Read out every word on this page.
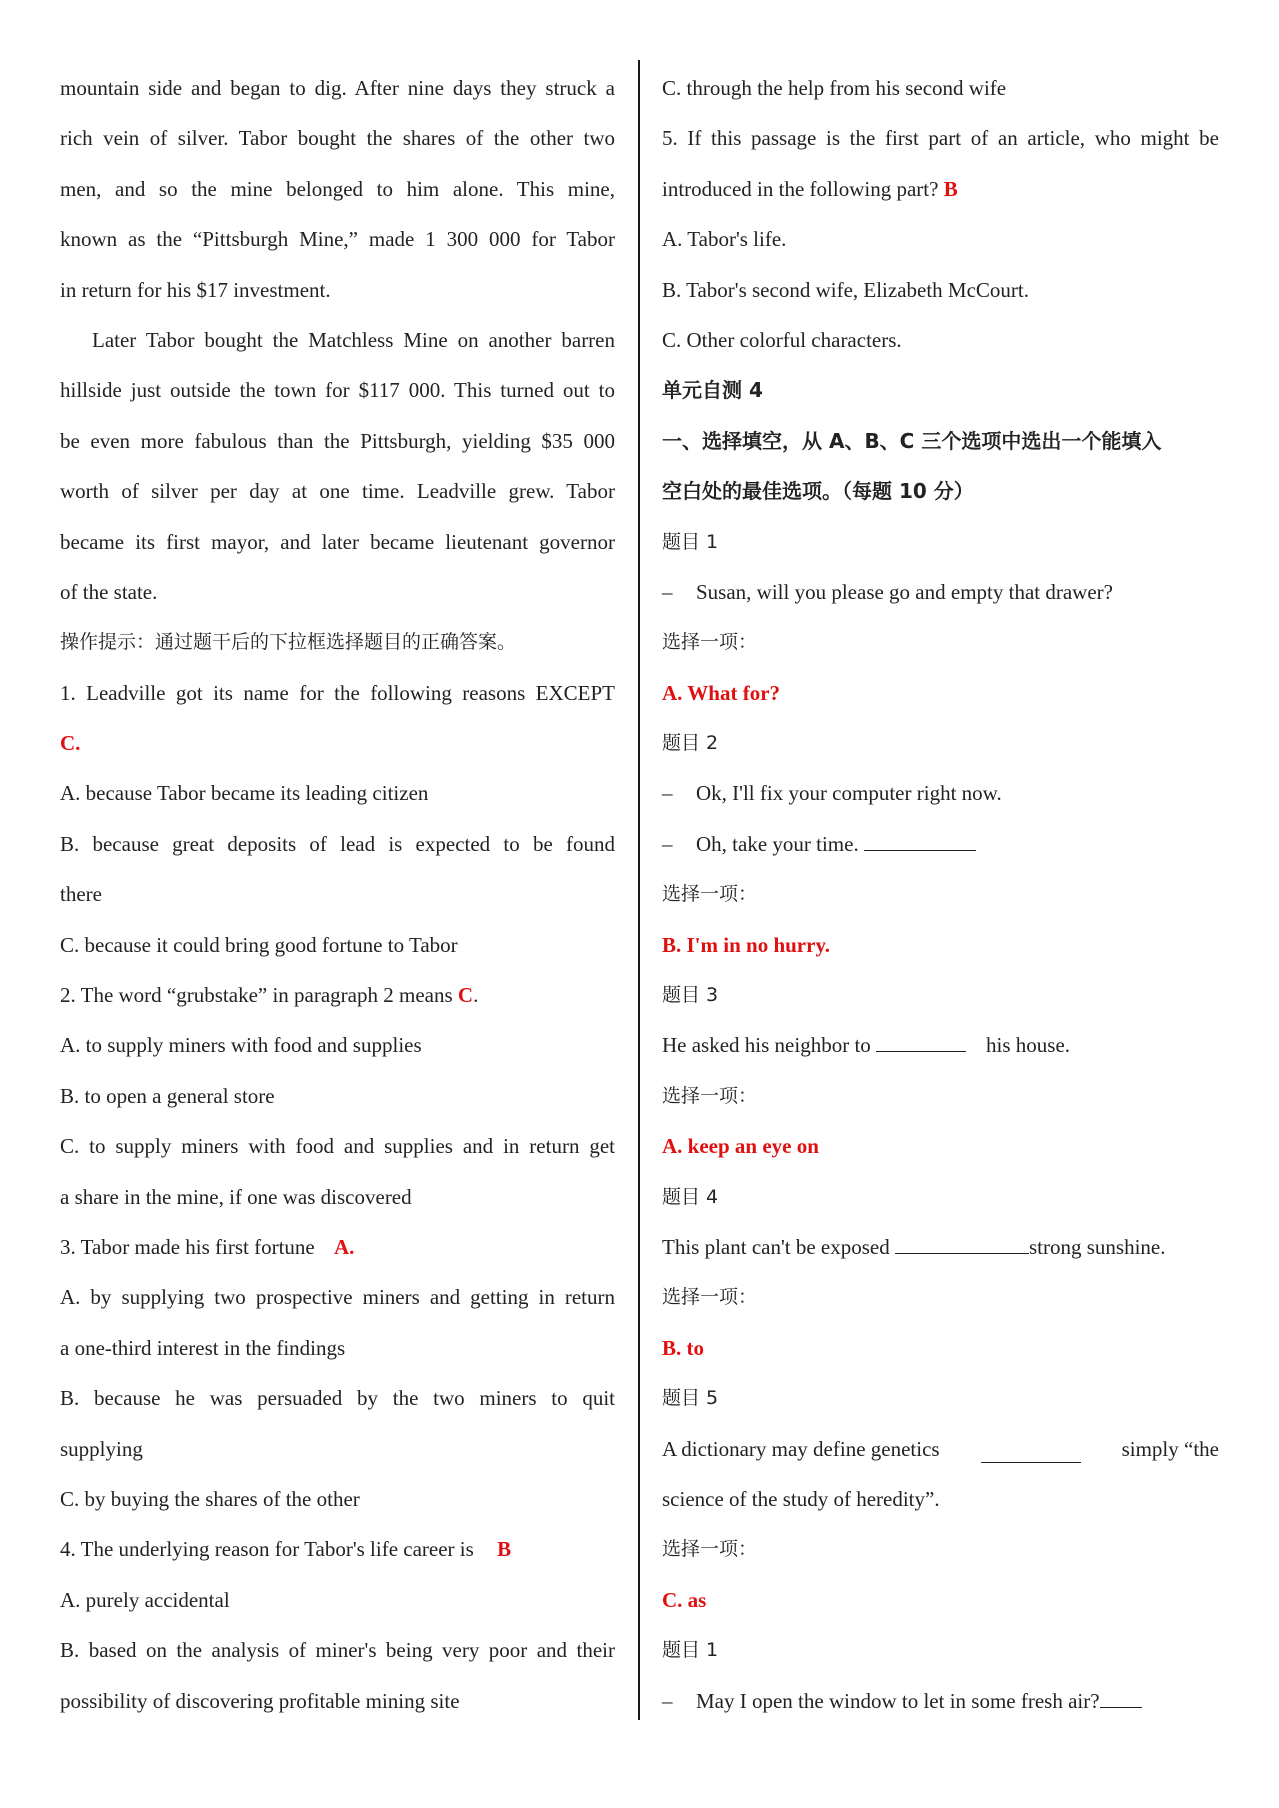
mountain side and began to dig. After nine days they struck a
rich vein of silver. Tabor bought the shares of the other two
men, and so the mine belonged to him alone. This mine,
known as the “Pittsburgh Mine,” made 1 300 000 for Tabor
in return for his $17 investment.
Later Tabor bought the Matchless Mine on another barren
hillside just outside the town for $117 000. This turned out to
be even more fabulous than the Pittsburgh, yielding $35 000
worth of silver per day at one time. Leadville grew. Tabor
became its first mayor, and later became lieutenant governor
of the state.
操作提示：通过题干后的下拉框选择题目的正确答案。
1. Leadville got its name for the following reasons EXCEPT
C.
A. because Tabor became its leading citizen
B. because great deposits of lead is expected to be found
there
C. because it could bring good fortune to Tabor
2. The word “grubstake” in paragraph 2 means C.
A. to supply miners with food and supplies
B. to open a general store
C. to supply miners with food and supplies and in return get
a share in the mine, if one was discovered
3. Tabor made his first fortune A.
A. by supplying two prospective miners and getting in return
a one-third interest in the findings
B. because he was persuaded by the two miners to quit
supplying
C. by buying the shares of the other
4. The underlying reason for Tabor's life career is B
A. purely accidental
B. based on the analysis of miner's being very poor and their
possibility of discovering profitable mining site
C. through the help from his second wife
5. If this passage is the first part of an article, who might be
introduced in the following part? B
A. Tabor's life.
B. Tabor's second wife, Elizabeth McCourt.
C. Other colorful characters.
单元自测 4
一、选择填空，从 A、B、C 三个选项中选出一个能填入
空白处的最佳选项。（每题 10 分）
题目 1
– Susan, will you please go and empty that drawer?
选择一项：
A. What for?
题目 2
– Ok, I'll fix your computer right now.
– Oh, take your time.
选择一项：
B. I'm in no hurry.
题目 3
He asked his neighbor to	his house.
选择一项：
A. keep an eye on
题目 4
This plant can't be exposed	strong sunshine.
选择一项：
B. to
题目 5
A dictionary may define genetics	simply “the
science of the study of heredity”.
选择一项：
C. as
题目 1
– May I open the window to let in some fresh air?
